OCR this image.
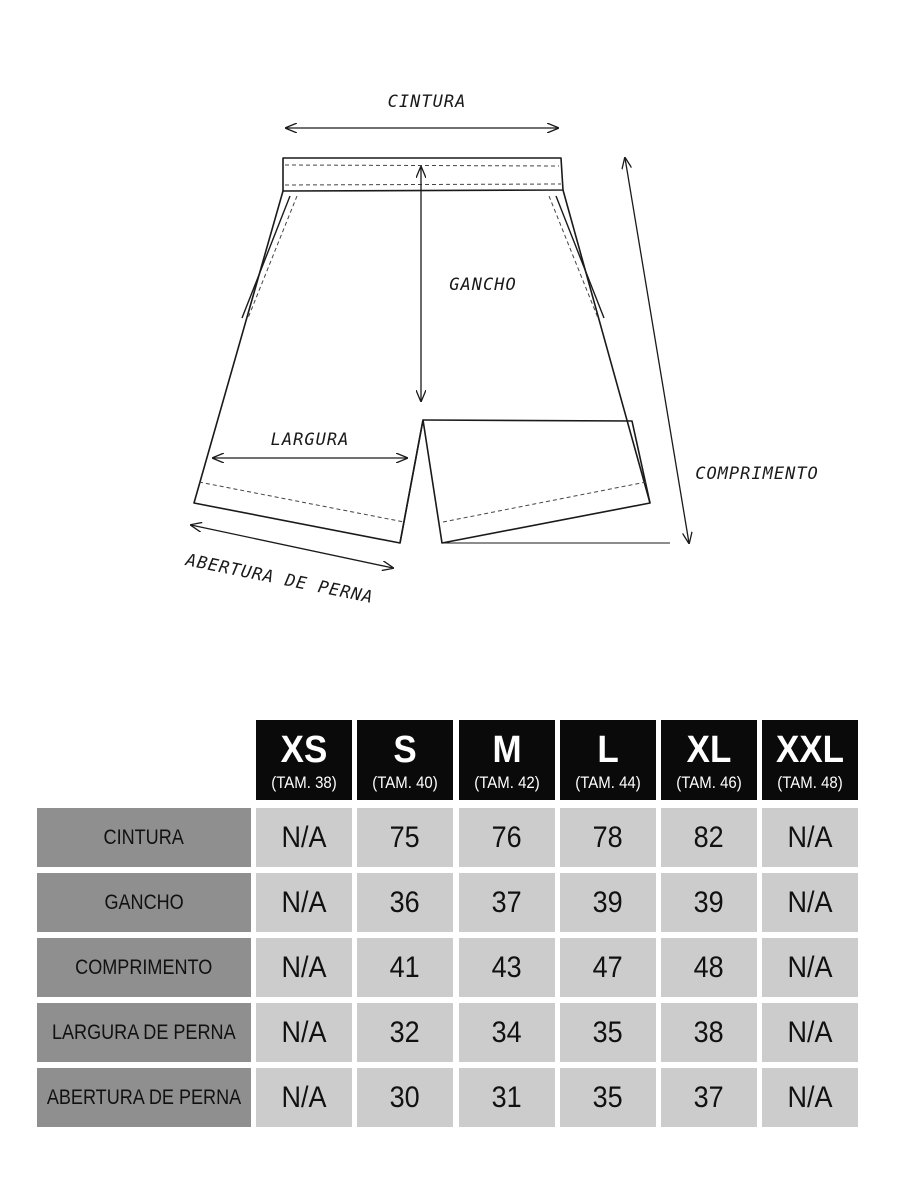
CINTURA
GANCHO
LARGURA
COMPRIMENTO
ABERTURA DE PERNA
XS
(TAM. 38)
S
(TAM. 40)
M
(TAM. 42)
L
(TAM. 44)
XL
(TAM. 46)
XXL
(TAM. 48)
CINTURA	N/A 75 76 78 82 N/A
GANCHO	N/A 36 37 39 39 N/A
COMPRIMENTO N/A 41 43 47 48 N/A
LARGURA DE PERNA N/A 32 34 35 38 N/A
ABERTURA DE PERNA N/A 30 31 35 37 N/A
